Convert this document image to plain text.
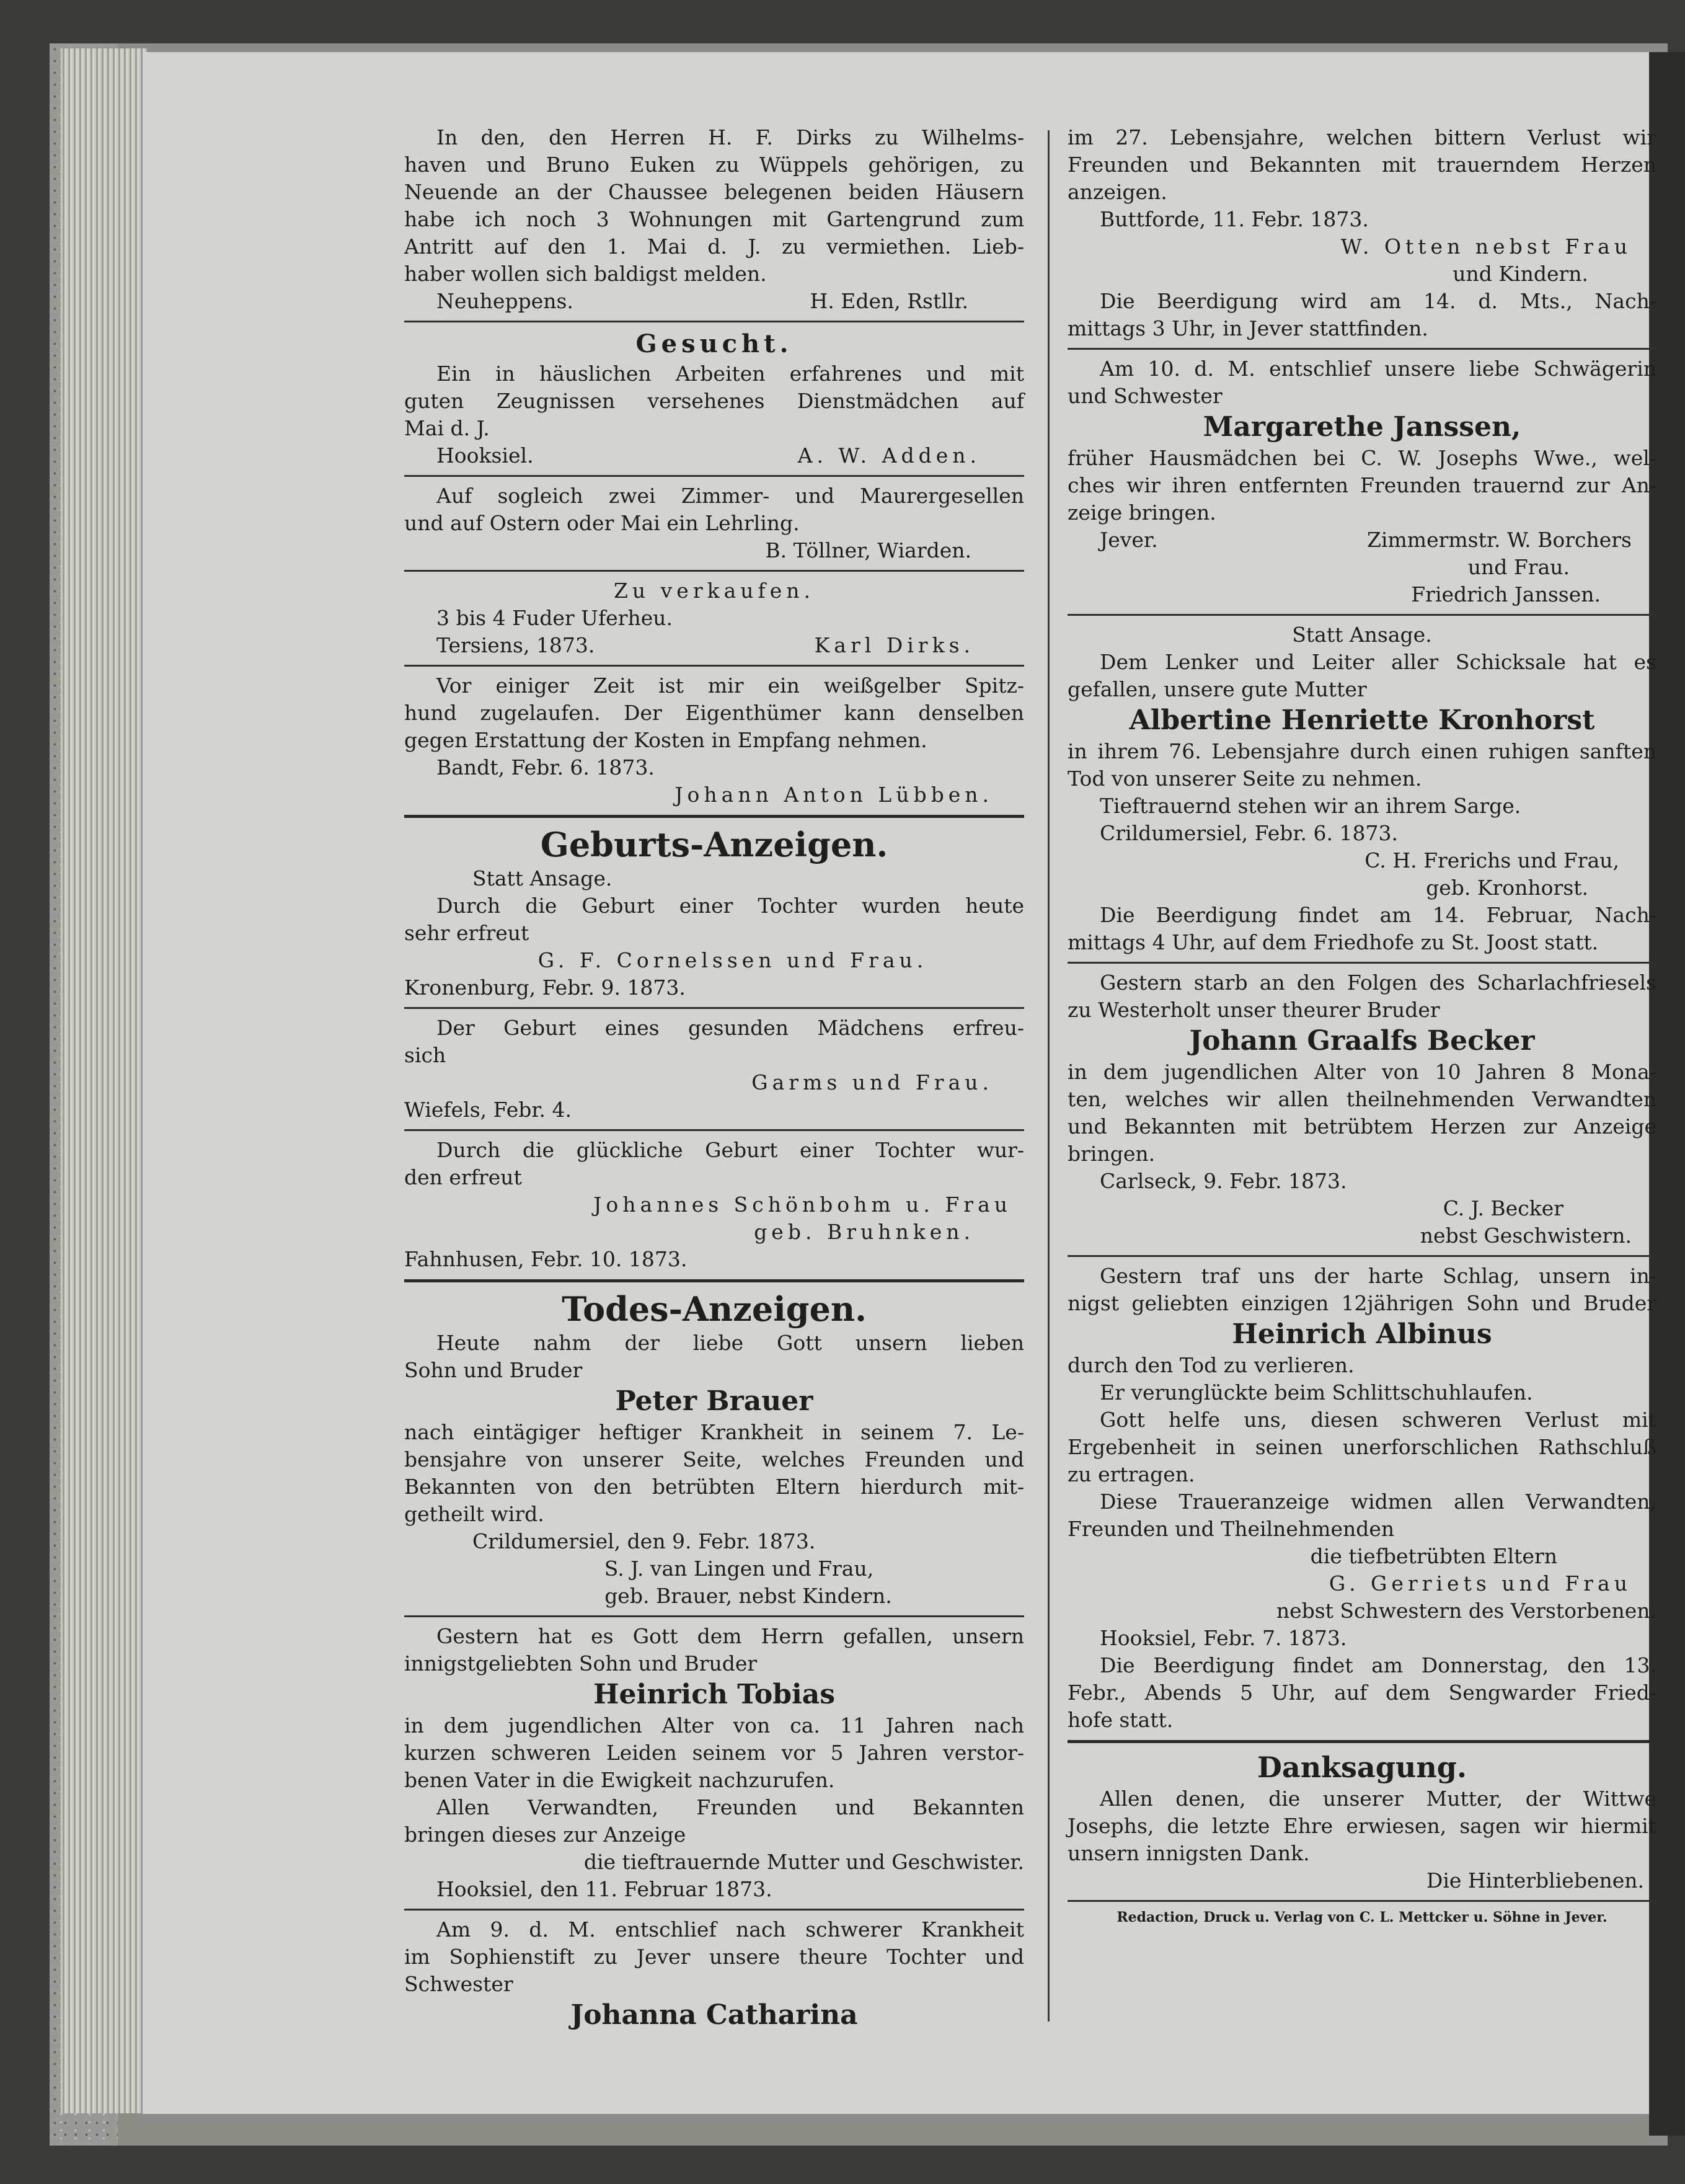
In den, den Herren H. F. Dirks zu Wilhelms-
haven und Bruno Euken zu Wüppels gehörigen, zu
Neuende an der Chaussee belegenen beiden Häusern
habe ich noch 3 Wohnungen mit Gartengrund zum
Antritt auf den 1. Mai d. J. zu vermiethen. Lieb-
haber wollen sich baldigst melden.
Neuheppens.	H. Eden, Rstllr.
Gesucht.
Ein in häuslichen Arbeiten erfahrenes und mit
guten Zeugnissen versehenes Dienstmädchen auf
Mai d. J.
Hooksiel.	A. W. Adden.
Auf sogleich zwei Zimmer- und Maurergesellen
und auf Ostern oder Mai ein Lehrling.
B. Töllner, Wiarden.
Zu verkaufen.
3 bis 4 Fuder Uferheu.
Tersiens, 1873.	Karl Dirks.
Vor einiger Zeit ist mir ein weißgelber Spitz-
hund zugelaufen. Der Eigenthümer kann denselben
gegen Erstattung der Kosten in Empfang nehmen.
Bandt, Febr. 6. 1873.
Johann Anton Lübben.
Geburts-Anzeigen.
Statt Ansage.
Durch die Geburt einer Tochter wurden heute
sehr erfreut
G. F. Cornelssen und Frau.
Kronenburg, Febr. 9. 1873.
Der Geburt eines gesunden Mädchens erfreu-
sich
Garms und Frau.
Wiefels, Febr. 4.
Durch die glückliche Geburt einer Tochter wur-
den erfreut
Johannes Schönbohm u. Frau
geb. Bruhnken.
Fahnhusen, Febr. 10. 1873.
Todes-Anzeigen.
Heute nahm der liebe Gott unsern lieben
Sohn und Bruder
Peter Brauer
nach eintägiger heftiger Krankheit in seinem 7. Le-
bensjahre von unserer Seite, welches Freunden und
Bekannten von den betrübten Eltern hierdurch mit-
getheilt wird.
Crildumersiel, den 9. Febr. 1873.
S. J. van Lingen und Frau,
geb. Brauer, nebst Kindern.
Gestern hat es Gott dem Herrn gefallen, unsern
innigstgeliebten Sohn und Bruder
Heinrich Tobias
in dem jugendlichen Alter von ca. 11 Jahren nach
kurzen schweren Leiden seinem vor 5 Jahren verstor-
benen Vater in die Ewigkeit nachzurufen.
Allen Verwandten, Freunden und Bekannten
bringen dieses zur Anzeige
die tieftrauernde Mutter und Geschwister.
Hooksiel, den 11. Februar 1873.
Am 9. d. M. entschlief nach schwerer Krankheit
im Sophienstift zu Jever unsere theure Tochter und
Schwester
Johanna Catharina
im 27. Lebensjahre, welchen bittern Verlust wir
Freunden und Bekannten mit trauerndem Herzen
anzeigen.
Buttforde, 11. Febr. 1873.
W. Otten nebst Frau
und Kindern.
Die Beerdigung wird am 14. d. Mts., Nach-
mittags 3 Uhr, in Jever stattfinden.
Am 10. d. M. entschlief unsere liebe Schwägerin
und Schwester
Margarethe Janssen,
früher Hausmädchen bei C. W. Josephs Wwe., wel-
ches wir ihren entfernten Freunden trauernd zur An-
zeige bringen.
Jever.	Zimmermstr. W. Borchers
und Frau.
Friedrich Janssen.
Statt Ansage.
Dem Lenker und Leiter aller Schicksale hat es
gefallen, unsere gute Mutter
Albertine Henriette Kronhorst
in ihrem 76. Lebensjahre durch einen ruhigen sanften
Tod von unserer Seite zu nehmen.
Tieftrauernd stehen wir an ihrem Sarge.
Crildumersiel, Febr. 6. 1873.
C. H. Frerichs und Frau,
geb. Kronhorst.
Die Beerdigung findet am 14. Februar, Nach-
mittags 4 Uhr, auf dem Friedhofe zu St. Joost statt.
Gestern starb an den Folgen des Scharlachfriesels
zu Westerholt unser theurer Bruder
Johann Graalfs Becker
in dem jugendlichen Alter von 10 Jahren 8 Mona-
ten, welches wir allen theilnehmenden Verwandten
und Bekannten mit betrübtem Herzen zur Anzeige
bringen.
Carlseck, 9. Febr. 1873.
C. J. Becker
nebst Geschwistern.
Gestern traf uns der harte Schlag, unsern in-
nigst geliebten einzigen 12jährigen Sohn und Bruder
Heinrich Albinus
durch den Tod zu verlieren.
Er verunglückte beim Schlittschuhlaufen.
Gott helfe uns, diesen schweren Verlust mit
Ergebenheit in seinen unerforschlichen Rathschluß
zu ertragen.
Diese Traueranzeige widmen allen Verwandten,
Freunden und Theilnehmenden
die tiefbetrübten Eltern
G. Gerriets und Frau
nebst Schwestern des Verstorbenen.
Hooksiel, Febr. 7. 1873.
Die Beerdigung findet am Donnerstag, den 13.
Febr., Abends 5 Uhr, auf dem Sengwarder Fried-
hofe statt.
Danksagung.
Allen denen, die unserer Mutter, der Wittwe
Josephs, die letzte Ehre erwiesen, sagen wir hiermit
unsern innigsten Dank.
Die Hinterbliebenen.
Redaction, Druck u. Verlag von C. L. Mettcker u. Söhne in Jever.
